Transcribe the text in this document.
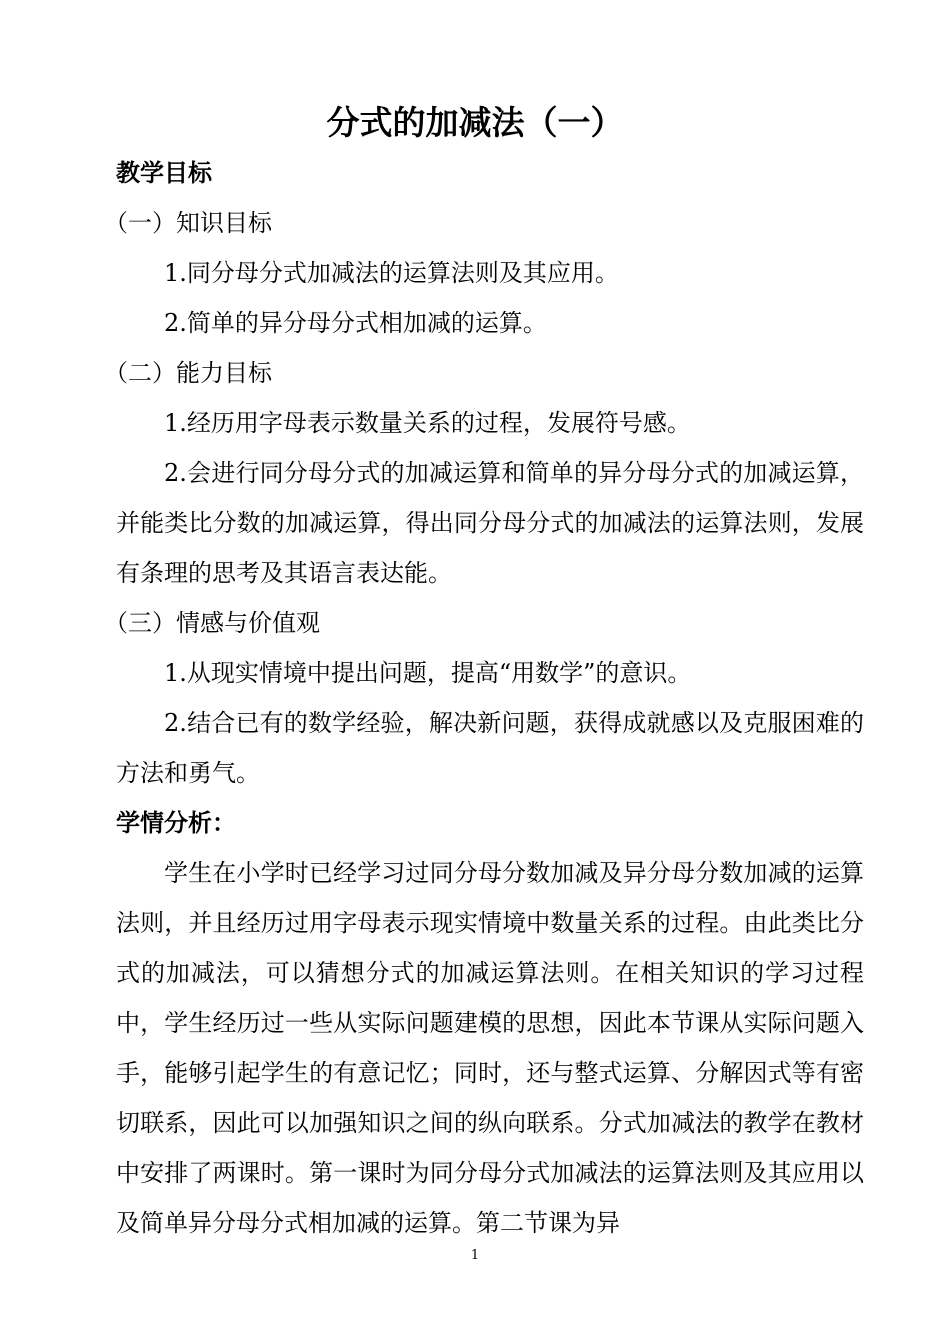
分式的加减法（一）

教学目标

（一）知识目标

1.同分母分式加减法的运算法则及其应用。

2.简单的异分母分式相加减的运算。

（二）能力目标

1.经历用字母表示数量关系的过程，发展符号感。

2.会进行同分母分式的加减运算和简单的异分母分式的加减运算，并能类比分数的加减运算，得出同分母分式的加减法的运算法则，发展有条理的思考及其语言表达能。

（三）情感与价值观

1.从现实情境中提出问题，提高“用数学”的意识。

2.结合已有的数学经验，解决新问题，获得成就感以及克服困难的方法和勇气。

学情分析：

学生在小学时已经学习过同分母分数加减及异分母分数加减的运算法则，并且经历过用字母表示现实情境中数量关系的过程。由此类比分式的加减法，可以猜想分式的加减运算法则。在相关知识的学习过程中，学生经历过一些从实际问题建模的思想，因此本节课从实际问题入手，能够引起学生的有意记忆；同时，还与整式运算、分解因式等有密切联系，因此可以加强知识之间的纵向联系。分式加减法的教学在教材中安排了两课时。第一课时为同分母分式加减法的运算法则及其应用以及简单异分母分式相加减的运算。第二节课为异

1
